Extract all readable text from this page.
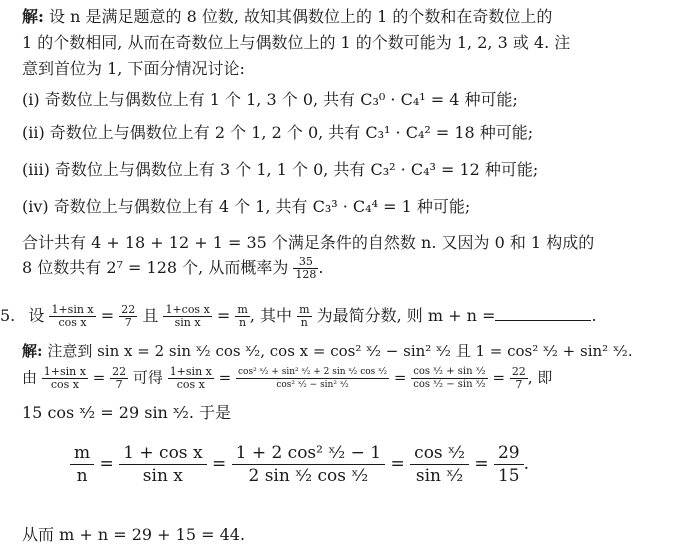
解: 设 n 是满足题意的 8 位数, 故知其偶数位上的 1 的个数和在奇数位上的
1 的个数相同, 从而在奇数位上与偶数位上的 1 的个数可能为 1, 2, 3 或 4. 注
意到首位为 1, 下面分情况讨论:
(i) 奇数位上与偶数位上有 1 个 1, 3 个 0, 共有 C₃⁰ · C₄¹ = 4 种可能;
(ii) 奇数位上与偶数位上有 2 个 1, 2 个 0, 共有 C₃¹ · C₄² = 18 种可能;
(iii) 奇数位上与偶数位上有 3 个 1, 1 个 0, 共有 C₃² · C₄³ = 12 种可能;
(iv) 奇数位上与偶数位上有 4 个 1, 共有 C₃³ · C₄⁴ = 1 种可能;
合计共有 4 + 18 + 12 + 1 = 35 个满足条件的自然数 n. 又因为 0 和 1 构成的
8 位数共有 2⁷ = 128 个, 从而概率为 $\frac{35}{128}$ .
5. 设 $\frac{\text{1+sin x}}{\text{cos x}} = \frac{22}{7}$ 且 $\frac{\text{1+cos x}}{\text{sin x}} = \frac{m}{n}$ , 其中 $\frac{m}{n}$ 为最简分数, 则 m + n =	.
解: 注意到 sin x = 2 sin ˣ⁄₂ cos ˣ⁄₂, cos x = cos² ˣ⁄₂ − sin² ˣ⁄₂ 且 1 = cos² ˣ⁄₂ + sin² ˣ⁄₂.
由 $\frac{\text{1+sin x}}{\text{cos x}} = \frac{22}{7}$ 可得 $\frac{\text{1+sin x}}{\text{cos x}} = \frac{\text{cos² ˣ⁄₂ + sin² ˣ⁄₂ + 2 sin ˣ⁄₂ cos ˣ⁄₂}}{\text{cos² ˣ⁄₂ − sin² ˣ⁄₂}} = \frac{\text{cos ˣ⁄₂ + sin ˣ⁄₂}}{\text{cos ˣ⁄₂ − sin ˣ⁄₂}} = \frac{22}{7}$ , 即
15 cos ˣ⁄₂ = 29 sin ˣ⁄₂. 于是
$\frac{m}{n} = \frac{\text{1 + cos x}}{\text{sin x}} = \frac{\text{1 + 2 cos² ˣ⁄₂ − 1}}{\text{2 sin ˣ⁄₂ cos ˣ⁄₂}} = \frac{\text{cos ˣ⁄₂}}{\text{sin ˣ⁄₂}} = \frac{29}{15}$ .
从而 m + n = 29 + 15 = 44.
